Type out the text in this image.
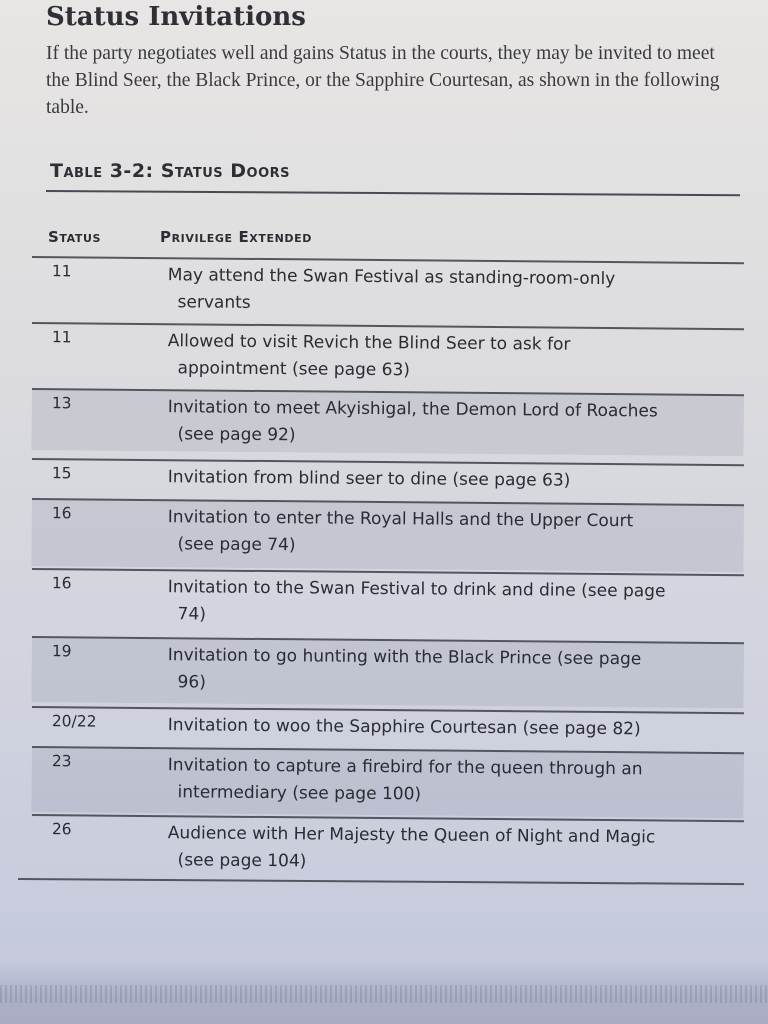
Status Invitations

If the party negotiates well and gains Status in the courts, they may be invited to meet the Blind Seer, the Black Prince, or the Sapphire Courtesan, as shown in the following table.

Table 3-2: Status Doors
Status	Privilege Extended
11	May attend the Swan Festival as standing-room-only
servants
11	Allowed to visit Revich the Blind Seer to ask for
appointment (see page 63)
13	Invitation to meet Akyishigal, the Demon Lord of Roaches
(see page 92)
15	Invitation from blind seer to dine (see page 63)
16	Invitation to enter the Royal Halls and the Upper Court
(see page 74)
16	Invitation to the Swan Festival to drink and dine (see page
74)
19	Invitation to go hunting with the Black Prince (see page
96)
20/22	Invitation to woo the Sapphire Courtesan (see page 82)
23	Invitation to capture a firebird for the queen through an
intermediary (see page 100)
26	Audience with Her Majesty the Queen of Night and Magic
(see page 104)
